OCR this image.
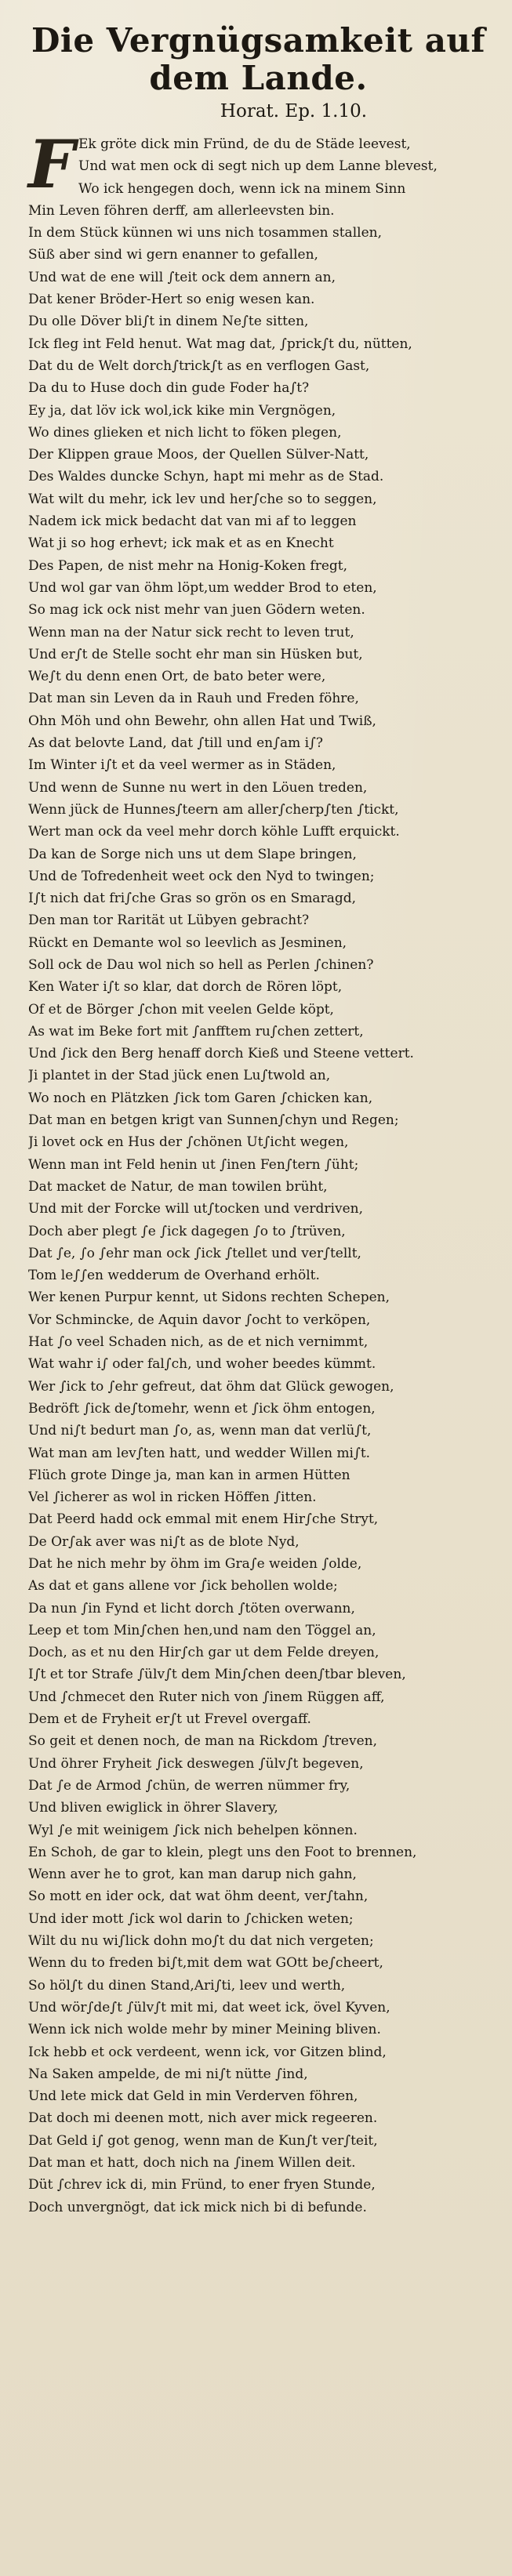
Die Vergnügsamkeit auf dem Lande.
Horat. Ep. 1.10.
F Ek gröte dick min Fründ, de du de Städe leevest,
Und wat men ock di segt nich up dem Lanne blevest,
Wo ick hengegen doch, wenn ick na minem Sinn
Min Leven föhren derff, am allerleevsten bin.
In dem Stück künnen wi uns nich tosammen stallen,
Süß aber sind wi gern enanner to gefallen,
Und wat de ene will ∫teit ock dem annern an,
Dat kener Bröder-Hert so enig wesen kan.
Du olle Döver bli∫t in dinem Ne∫te sitten,
Ick fleg int Feld henut. Wat mag dat, ∫prick∫t du, nütten,
Dat du de Welt dorch∫trick∫t as en verflogen Gast,
Da du to Huse doch din gude Foder ha∫t?
Ey ja, dat löv ick wol,ick kike min Vergnögen,
Wo dines glieken et nich licht to föken plegen,
Der Klippen graue Moos, der Quellen Sülver-Natt,
Des Waldes duncke Schyn, hapt mi mehr as de Stad.
Wat wilt du mehr, ick lev und her∫che so to seggen,
Nadem ick mick bedacht dat van mi af to leggen
Wat ji so hog erhevt; ick mak et as en Knecht
Des Papen, de nist mehr na Honig-Koken fregt,
Und wol gar van öhm löpt,um wedder Brod to eten,
So mag ick ock nist mehr van juen Gödern weten.
Wenn man na der Natur sick recht to leven trut,
Und er∫t de Stelle socht ehr man sin Hüsken but,
We∫t du denn enen Ort, de bato beter were,
Dat man sin Leven da in Rauh und Freden föhre,
Ohn Möh und ohn Bewehr, ohn allen Hat und Twiß,
As dat belovte Land, dat ∫till und en∫am i∫?
Im Winter i∫t et da veel wermer as in Städen,
Und wenn de Sunne nu wert in den Löuen treden,
Wenn jück de Hunnes∫teern am aller∫cherp∫ten ∫tickt,
Wert man ock da veel mehr dorch köhle Lufft erquickt.
Da kan de Sorge nich uns ut dem Slape bringen,
Und de Tofredenheit weet ock den Nyd to twingen;
I∫t nich dat fri∫che Gras so grön os en Smaragd,
Den man tor Rarität ut Lübyen gebracht?
Rückt en Demante wol so leevlich as Jesminen,
Soll ock de Dau wol nich so hell as Perlen ∫chinen?
Ken Water i∫t so klar, dat dorch de Rören löpt,
Of et de Börger ∫chon mit veelen Gelde köpt,
As wat im Beke fort mit ∫anfftem ru∫chen zettert,
Und ∫ick den Berg henaff dorch Kieß und Steene vettert.
Ji plantet in der Stad jück enen Lu∫twold an,
Wo noch en Plätzken ∫ick tom Garen ∫chicken kan,
Dat man en betgen krigt van Sunnen∫chyn und Regen;
Ji lovet ock en Hus der ∫chönen Ut∫icht wegen,
Wenn man int Feld henin ut ∫inen Fen∫tern ∫üht;
Dat macket de Natur, de man towilen brüht,
Und mit der Forcke will ut∫tocken und verdriven,
Doch aber plegt ∫e ∫ick dagegen ∫o to ∫trüven,
Dat ∫e, ∫o ∫ehr man ock ∫ick ∫tellet und ver∫tellt,
Tom le∫∫en wedderum de Overhand erhölt.
Wer kenen Purpur kennt, ut Sidons rechten Schepen,
Vor Schmincke, de Aquin davor ∫ocht to verköpen,
Hat ∫o veel Schaden nich, as de et nich vernimmt,
Wat wahr i∫ oder fal∫ch, und woher beedes kümmt.
Wer ∫ick to ∫ehr gefreut, dat öhm dat Glück gewogen,
Bedröft ∫ick de∫tomehr, wenn et ∫ick öhm entogen,
Und ni∫t bedurt man ∫o, as, wenn man dat verlü∫t,
Wat man am lev∫ten hatt, und wedder Willen mi∫t.
Flüch grote Dinge ja, man kan in armen Hütten
Vel ∫icherer as wol in ricken Höffen ∫itten.
Dat Peerd hadd ock emmal mit enem Hir∫che Stryt,
De Or∫ak aver was ni∫t as de blote Nyd,
Dat he nich mehr by öhm im Gra∫e weiden ∫olde,
As dat et gans allene vor ∫ick behollen wolde;
Da nun ∫in Fynd et licht dorch ∫töten overwann,
Leep et tom Min∫chen hen,und nam den Töggel an,
Doch, as et nu den Hir∫ch gar ut dem Felde dreyen,
I∫t et tor Strafe ∫ülv∫t dem Min∫chen deen∫tbar bleven,
Und ∫chmecet den Ruter nich von ∫inem Rüggen aff,
Dem et de Fryheit er∫t ut Frevel overgaff.
So geit et denen noch, de man na Rickdom ∫treven,
Und öhrer Fryheit ∫ick deswegen ∫ülv∫t begeven,
Dat ∫e de Armod ∫chün, de werren nümmer fry,
Und bliven ewiglick in öhrer Slavery,
Wyl ∫e mit weinigem ∫ick nich behelpen können.
En Schoh, de gar to klein, plegt uns den Foot to brennen,
Wenn aver he to grot, kan man darup nich gahn,
So mott en ider ock, dat wat öhm deent, ver∫tahn,
Und ider mott ∫ick wol darin to ∫chicken weten;
Wilt du nu wi∫lick dohn mo∫t du dat nich vergeten;
Wenn du to freden bi∫t,mit dem wat GOtt be∫cheert,
So höl∫t du dinen Stand,Ari∫ti, leev und werth,
Und wör∫de∫t ∫ülv∫t mit mi, dat weet ick, övel Kyven,
Wenn ick nich wolde mehr by miner Meining bliven.
Ick hebb et ock verdeent, wenn ick, vor Gitzen blind,
Na Saken ampelde, de mi ni∫t nütte ∫ind,
Und lete mick dat Geld in min Verderven föhren,
Dat doch mi deenen mott, nich aver mick regeeren.
Dat Geld i∫ got genog, wenn man de Kun∫t ver∫teit,
Dat man et hatt, doch nich na ∫inem Willen deit.
Düt ∫chrev ick di, min Fründ, to ener fryen Stunde,
Doch unvergnögt, dat ick mick nich bi di befunde.
